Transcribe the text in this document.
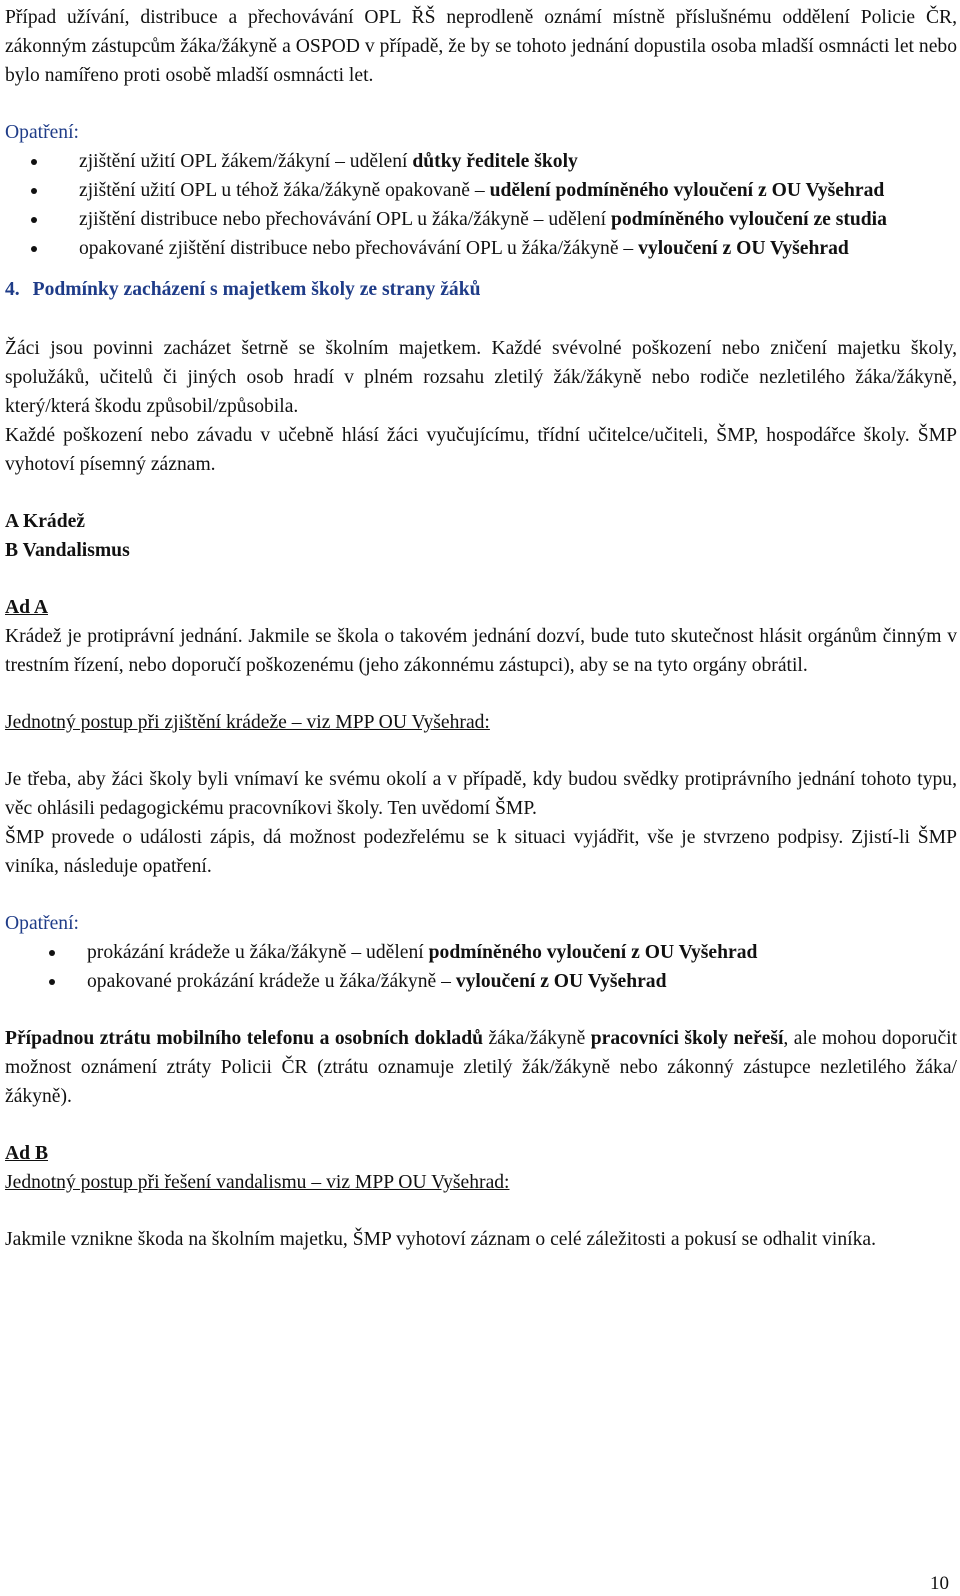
Případ užívání, distribuce a přechovávání OPL ŘŠ neprodleně oznámí místně příslušnému oddělení Policie ČR, zákonným zástupcům žáka/žákyně a OSPOD v případě, že by se tohoto jednání dopustila osoba mladší osmnácti let nebo bylo namířeno proti osobě mladší osmnácti let.

Opatření:
zjištění užití OPL žákem/žákyní – udělení důtky ředitele školy
zjištění užití OPL u téhož žáka/žákyně opakovaně – udělení podmíněného vyloučení z OU Vyšehrad
zjištění distribuce nebo přechovávání OPL u žáka/žákyně – udělení podmíněného vyloučení ze studia
opakované zjištění distribuce nebo přechovávání OPL u žáka/žákyně – vyloučení z OU Vyšehrad
4. Podmínky zacházení s majetkem školy ze strany žáků

Žáci jsou povinni zacházet šetrně se školním majetkem. Každé svévolné poškození nebo zničení majetku školy, spolužáků, učitelů či jiných osob hradí v plném rozsahu zletilý žák/žákyně nebo rodiče nezletilého žáka/žákyně, který/která škodu způsobil/způsobila.

Každé poškození nebo závadu v učebně hlásí žáci vyučujícímu, třídní učitelce/učiteli, ŠMP, hospodářce školy. ŠMP vyhotoví písemný záznam.

A Krádež
B Vandalismus
Ad A

Krádež je protiprávní jednání. Jakmile se škola o takovém jednání dozví, bude tuto skutečnost hlásit orgánům činným v trestním řízení, nebo doporučí poškozenému (jeho zákonnému zástupci), aby se na tyto orgány obrátil.

Jednotný postup při zjištění krádeže – viz MPP OU Vyšehrad:

Je třeba, aby žáci školy byli vnímaví ke svému okolí a v případě, kdy budou svědky protiprávního jednání tohoto typu, věc ohlásili pedagogickému pracovníkovi školy. Ten uvědomí ŠMP.

ŠMP provede o události zápis, dá možnost podezřelému se k situaci vyjádřit, vše je stvrzeno podpisy. Zjistí-li ŠMP viníka, následuje opatření.

Opatření:
prokázání krádeže u žáka/žákyně – udělení podmíněného vyloučení z OU Vyšehrad
opakované prokázání krádeže u žáka/žákyně – vyloučení z OU Vyšehrad

Případnou ztrátu mobilního telefonu a osobních dokladů žáka/žákyně pracovníci školy neřeší, ale mohou doporučit možnost oznámení ztráty Policii ČR (ztrátu oznamuje zletilý žák/žákyně nebo zákonný zástupce nezletilého žáka/žákyně).

Ad B
Jednotný postup při řešení vandalismu – viz MPP OU Vyšehrad:

Jakmile vznikne škoda na školním majetku, ŠMP vyhotoví záznam o celé záležitosti a pokusí se odhalit viníka.

10
